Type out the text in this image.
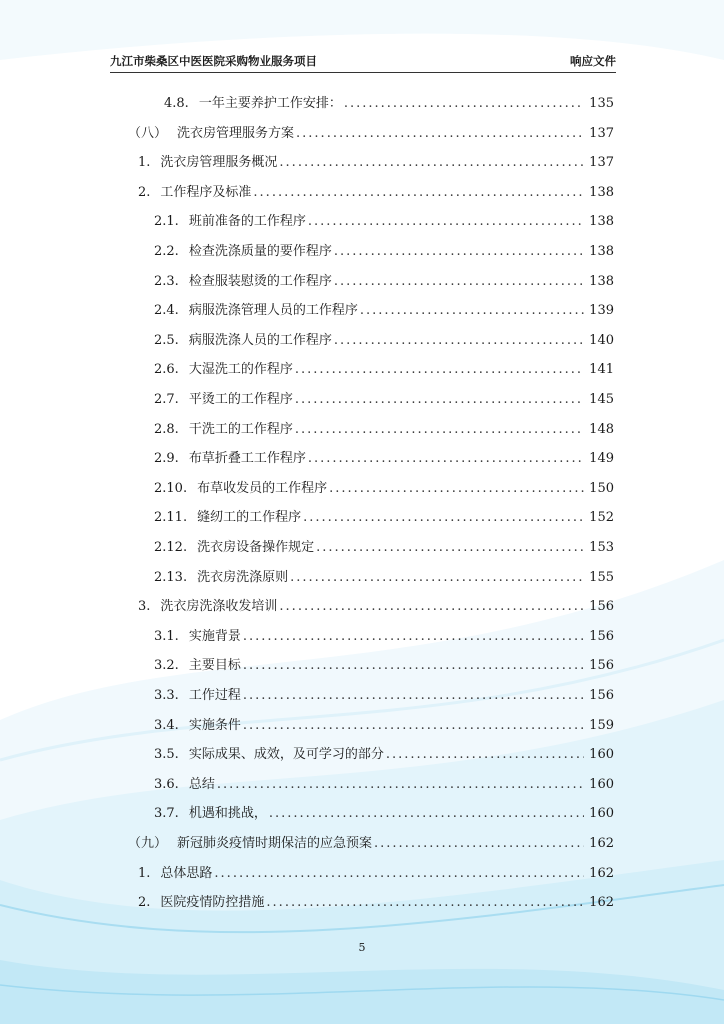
九江市柴桑区中医医院采购物业服务项目	响应文件
4.8. 一年主要养护工作安排： .....	135
（八） 洗衣房管理服务方案 .....	137
1. 洗衣房管理服务概况 .....	137
2. 工作程序及标准 .....	138
2.1. 班前准备的工作程序 .....	138
2.2. 检查洗涤质量的要作程序 .....	138
2.3. 检查服装慰烫的工作程序 .....	138
2.4. 病服洗涤管理人员的工作程序 .....	139
2.5. 病服洗涤人员的工作程序 .....	140
2.6. 大湿洗工的作程序 .....	141
2.7. 平烫工的工作程序 .....	145
2.8. 干洗工的工作程序 .....	148
2.9. 布草折叠工工作程序 .....	149
2.10. 布草收发员的工作程序 .....	150
2.11. 缝纫工的工作程序 .....	152
2.12. 洗衣房设备操作规定 .....	153
2.13. 洗衣房洗涤原则 .....	155
3. 洗衣房洗涤收发培训 .....	156
3.1. 实施背景 .....	156
3.2. 主要目标 .....	156
3.3. 工作过程 .....	156
3.4. 实施条件 .....	159
3.5. 实际成果、成效，及可学习的部分 .....	160
3.6. 总结 .....	160
3.7. 机遇和挑战， .....	160
（九） 新冠肺炎疫情时期保洁的应急预案 .....	162
1. 总体思路 .....	162
2. 医院疫情防控措施 .....	162
5
